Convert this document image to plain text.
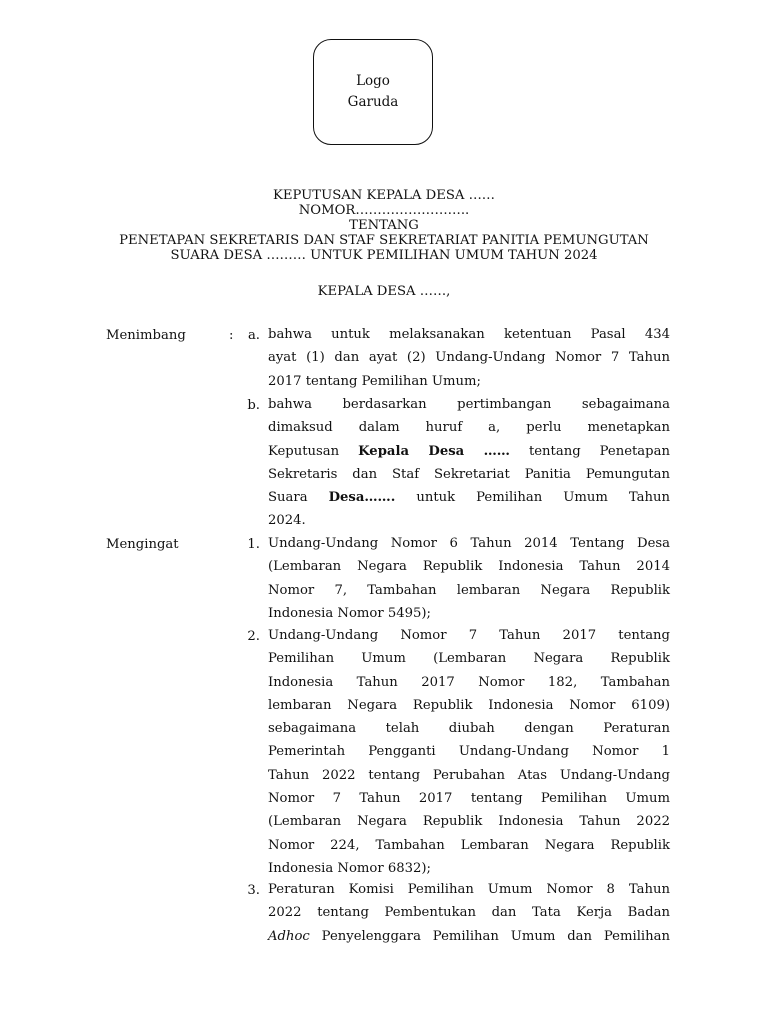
Logo
Garuda
KEPUTUSAN KEPALA DESA ……
NOMOR……………………..
TENTANG
PENETAPAN SEKRETARIS DAN STAF SEKRETARIAT PANITIA PEMUNGUTAN
SUARA DESA ……… UNTUK PEMILIHAN UMUM TAHUN 2024
KEPALA DESA ……,
Menimbang	:	a. bahwa untuk melaksanakan ketentuan Pasal 434
ayat (1) dan ayat (2) Undang-Undang Nomor 7 Tahun
2017 tentang Pemilihan Umum;
b. bahwa berdasarkan pertimbangan sebagaimana
dimaksud dalam huruf a, perlu menetapkan
Keputusan Kepala Desa …… tentang Penetapan
Sekretaris dan Staf Sekretariat Panitia Pemungutan
Suara Desa……. untuk Pemilihan Umum Tahun
2024.
Mengingat	1. Undang-Undang Nomor 6 Tahun 2014 Tentang Desa
(Lembaran Negara Republik Indonesia Tahun 2014
Nomor 7, Tambahan lembaran Negara Republik
Indonesia Nomor 5495);
2. Undang-Undang Nomor 7 Tahun 2017 tentang
Pemilihan Umum (Lembaran Negara Republik
Indonesia Tahun 2017 Nomor 182, Tambahan
lembaran Negara Republik Indonesia Nomor 6109)
sebagaimana telah diubah dengan Peraturan
Pemerintah Pengganti Undang-Undang Nomor 1
Tahun 2022 tentang Perubahan Atas Undang-Undang
Nomor 7 Tahun 2017 tentang Pemilihan Umum
(Lembaran Negara Republik Indonesia Tahun 2022
Nomor 224, Tambahan Lembaran Negara Republik
Indonesia Nomor 6832);
3. Peraturan Komisi Pemilihan Umum Nomor 8 Tahun
2022 tentang Pembentukan dan Tata Kerja Badan
Adhoc Penyelenggara Pemilihan Umum dan Pemilihan
